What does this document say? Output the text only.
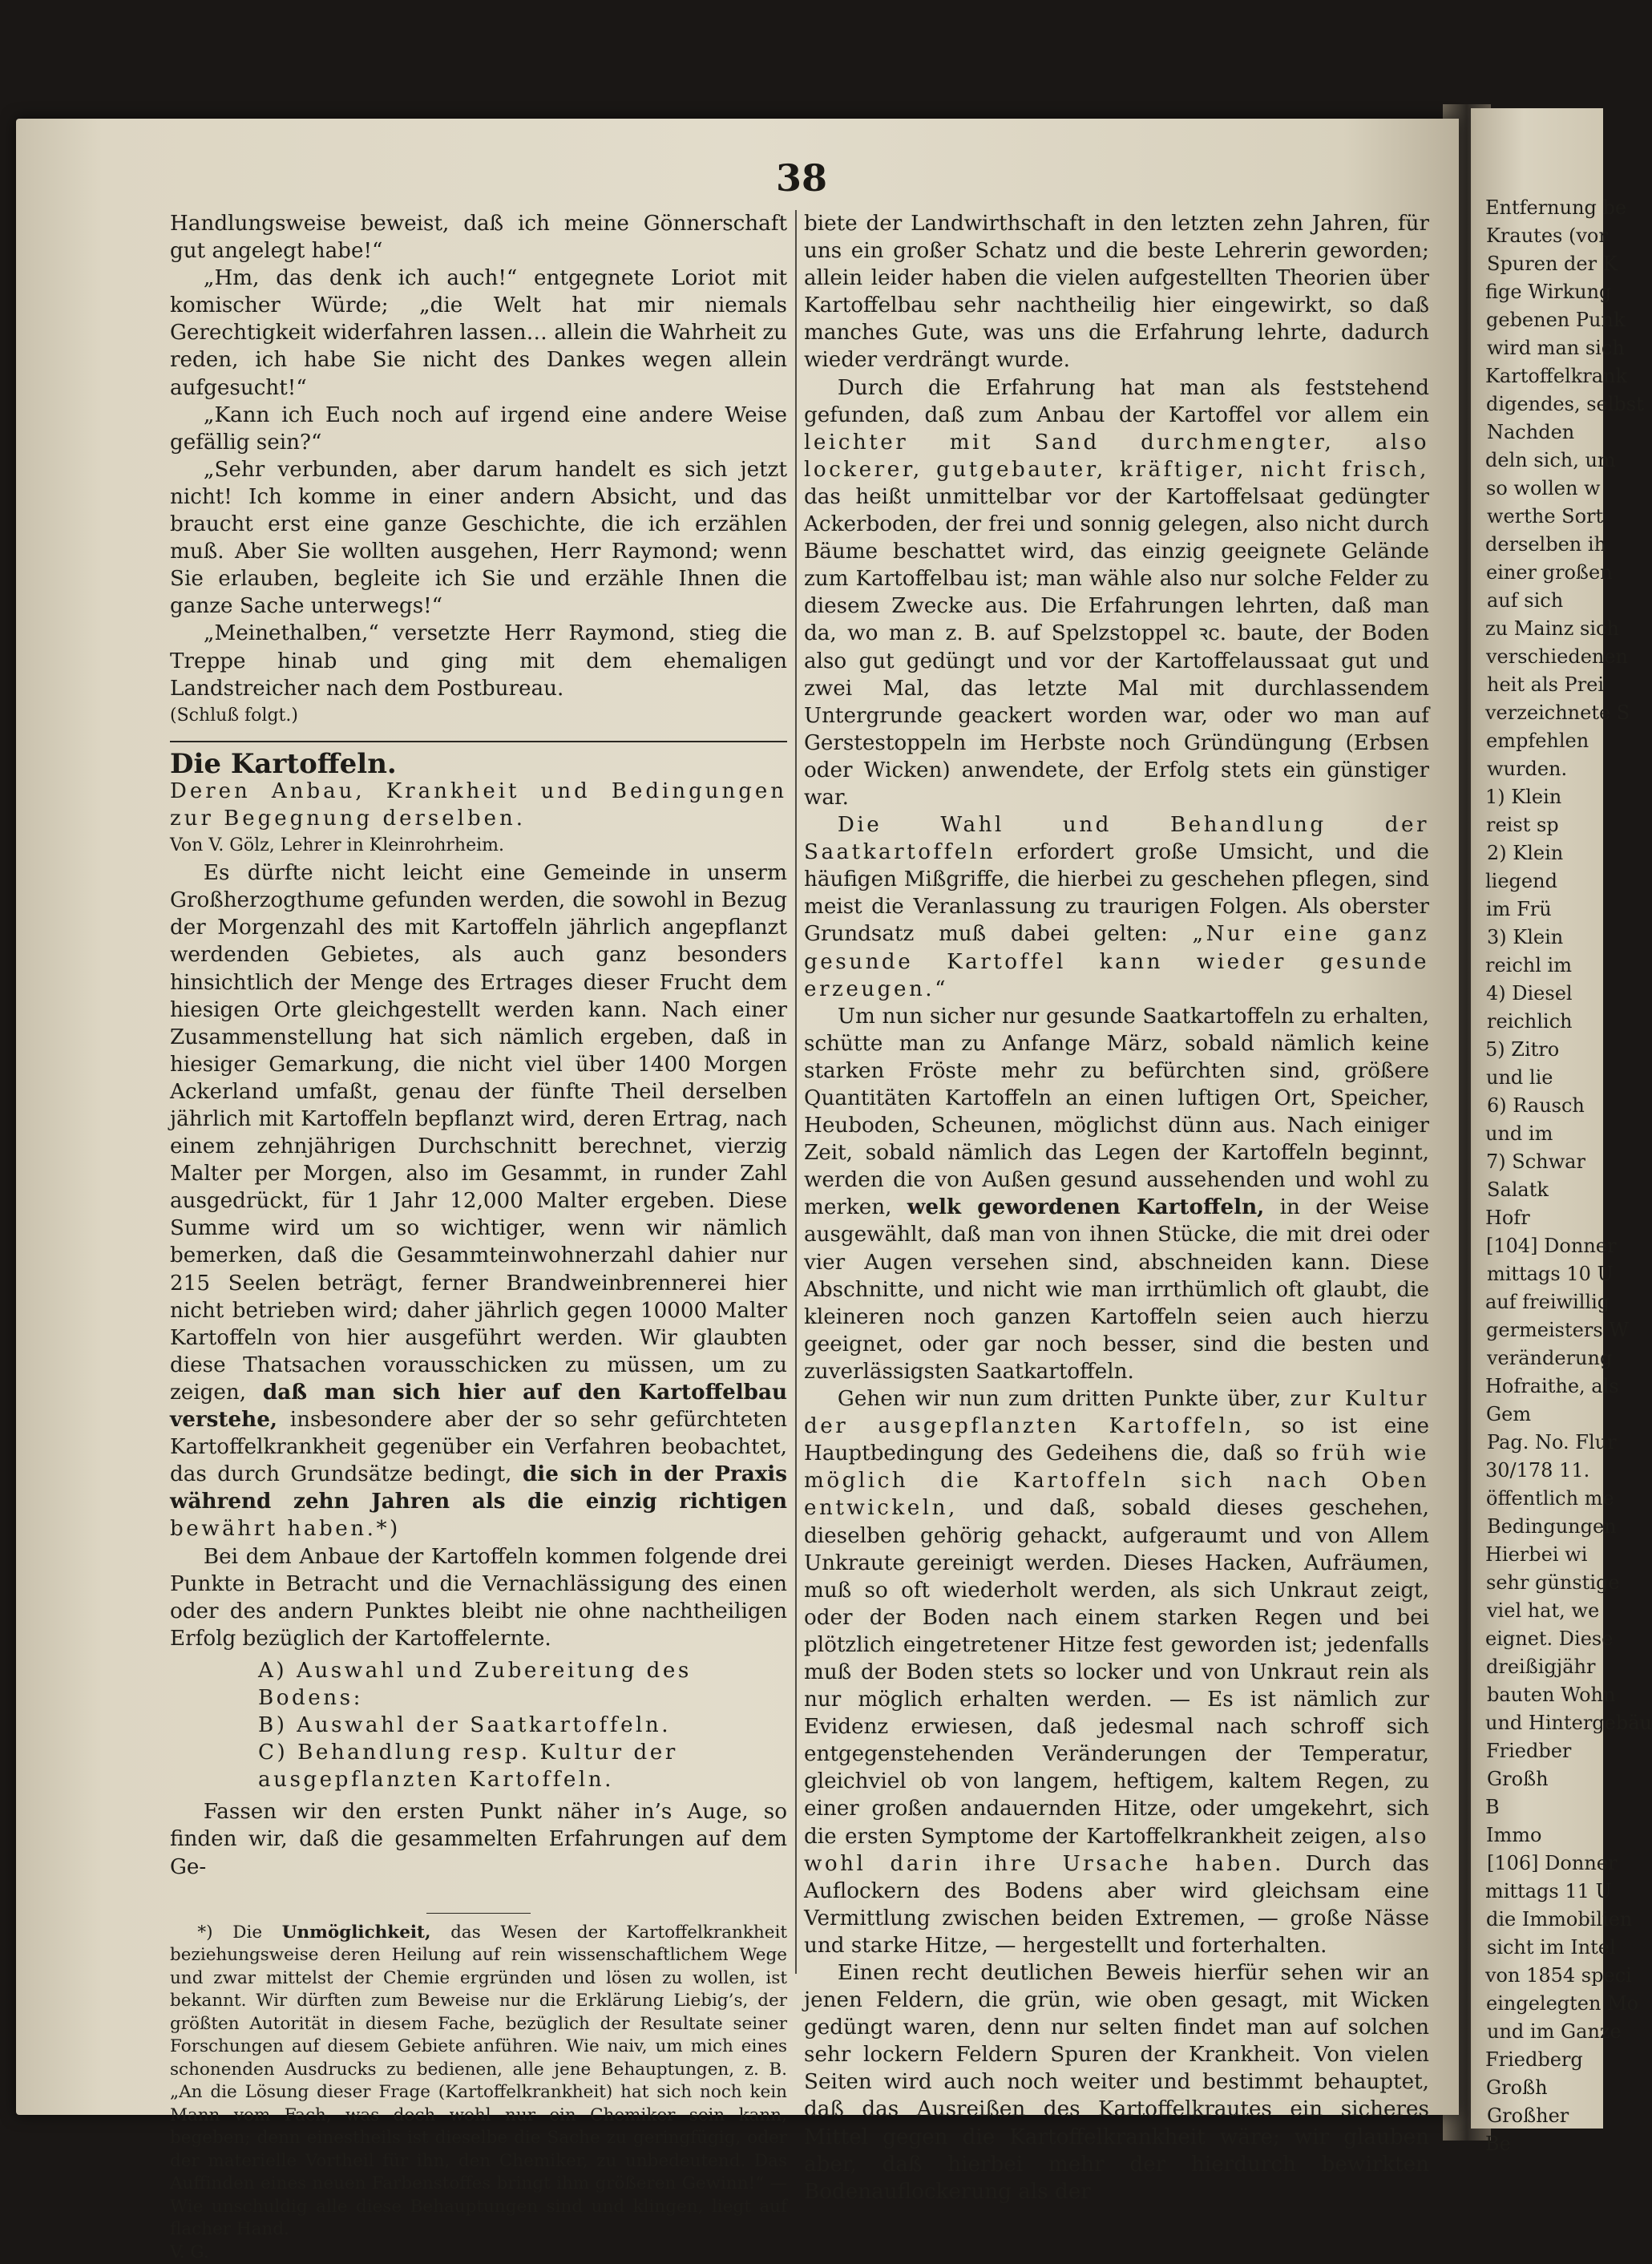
Entfernung be
Krautes (vor
Spuren der K
fige Wirkung
gebenen Punk
wird man sich
Kartoffelkrank
digendes, selbst
Nachden
deln sich, um
so wollen w
werthe Sort
derselben ih
einer großen
auf sich
zu Mainz sich
verschiedenen
heit als Prei
verzeichnete S
empfehlen
wurden.
1) Klein
reist sp
2) Klein
liegend
im Frü
3) Klein
reichl im
4) Diesel
reichlich
5) Zitro
und lie
6) Rausch
und im
7) Schwar
Salatk
Hofr
[104] Donner
mittags 10 U
auf freiwillig
germeisters W
veränderung
Hofraithe, als
Gem
Pag. No. Flur
30/178 11.
öffentlich me
Bedingungen
Hierbei wi
sehr günstige
viel hat, we
eignet. Diese
dreißigjähr
bauten Wohn
und Hintergebäu
Friedber
Großh
B
Immo
[106] Donner
mittags 11 U
die Immobilien
sicht im Intel
von 1854 speci
eingelegten Mo
und im Ganze
Friedberg
Großh
Großher
Be
38

Handlungsweise beweist, daß ich meine Gönnerschaft gut angelegt habe!“

„Hm, das denk ich auch!“ entgegnete Loriot mit komischer Würde; „die Welt hat mir niemals Gerechtigkeit widerfahren lassen… allein die Wahrheit zu reden, ich habe Sie nicht des Dankes wegen allein aufgesucht!“

„Kann ich Euch noch auf irgend eine andere Weise gefällig sein?“

„Sehr verbunden, aber darum handelt es sich jetzt nicht! Ich komme in einer andern Absicht, und das braucht erst eine ganze Geschichte, die ich erzählen muß. Aber Sie wollten ausgehen, Herr Raymond; wenn Sie erlauben, begleite ich Sie und erzähle Ihnen die ganze Sache unterwegs!“

„Meinethalben,“ versetzte Herr Raymond, stieg die Treppe hinab und ging mit dem ehemaligen Landstreicher nach dem Postbureau.

(Schluß folgt.)

Die Kartoffeln.

Deren Anbau, Krankheit und Bedingungen zur Begegnung derselben.

Von V. Gölz, Lehrer in Kleinrohrheim.

Es dürfte nicht leicht eine Gemeinde in unserm Großherzogthume gefunden werden, die sowohl in Bezug der Morgenzahl des mit Kartoffeln jährlich angepflanzt werdenden Gebietes, als auch ganz besonders hinsichtlich der Menge des Ertrages dieser Frucht dem hiesigen Orte gleichgestellt werden kann. Nach einer Zusammenstellung hat sich nämlich ergeben, daß in hiesiger Gemarkung, die nicht viel über 1400 Morgen Ackerland umfaßt, genau der fünfte Theil derselben jährlich mit Kartoffeln bepflanzt wird, deren Ertrag, nach einem zehnjährigen Durchschnitt berechnet, vierzig Malter per Morgen, also im Gesammt, in runder Zahl ausgedrückt, für 1 Jahr 12,000 Malter ergeben. Diese Summe wird um so wichtiger, wenn wir nämlich bemerken, daß die Gesammteinwohnerzahl dahier nur 215 Seelen beträgt, ferner Brandweinbrennerei hier nicht betrieben wird; daher jährlich gegen 10000 Malter Kartoffeln von hier ausgeführt werden. Wir glaubten diese Thatsachen vorausschicken zu müssen, um zu zeigen, daß man sich hier auf den Kartoffelbau verstehe, insbesondere aber der so sehr gefürchteten Kartoffelkrankheit gegenüber ein Verfahren beobachtet, das durch Grundsätze bedingt, die sich in der Praxis während zehn Jahren als die einzig richtigen bewährt haben.*)

Bei dem Anbaue der Kartoffeln kommen folgende drei Punkte in Betracht und die Vernachlässigung des einen oder des andern Punktes bleibt nie ohne nachtheiligen Erfolg bezüglich der Kartoffelernte.

A) Auswahl und Zubereitung des Bodens:
B) Auswahl der Saatkartoffeln.
C) Behandlung resp. Kultur der ausgepflanzten Kartoffeln.

Fassen wir den ersten Punkt näher in’s Auge, so finden wir, daß die gesammelten Erfahrungen auf dem Ge-

*) Die Unmöglichkeit, das Wesen der Kartoffelkrankheit beziehungsweise deren Heilung auf rein wissenschaftlichem Wege und zwar mittelst der Chemie ergründen und lösen zu wollen, ist bekannt. Wir dürften zum Beweise nur die Erklärung Liebig’s, der größten Autorität in diesem Fache, bezüglich der Resultate seiner Forschungen auf diesem Gebiete anführen. Wie naiv, um mich eines schonenden Ausdrucks zu bedienen, alle jene Behauptungen, z. B. „An die Lösung dieser Frage (Kartoffelkrankheit) hat sich noch kein Mann vom Fach, was doch wohl nur ein Chemiker sein kann, begeben; denn einestheils ist dieselbe die Sache zu geringfügig, oder der materielle Vortheil für ihn, den Chemiker, zu unbedeutend. Das Auffinden eines neuen Farbenstoffes bringt ihm größeren Gewinn!“ — Wie unschuldig alle diese Behauptungen sind und klingen, liegt auf flacher Hand.

V. G.

biete der Landwirthschaft in den letzten zehn Jahren, für uns ein großer Schatz und die beste Lehrerin geworden; allein leider haben die vielen aufgestellten Theorien über Kartoffelbau sehr nachtheilig hier eingewirkt, so daß manches Gute, was uns die Erfahrung lehrte, dadurch wieder verdrängt wurde.

Durch die Erfahrung hat man als feststehend gefunden, daß zum Anbau der Kartoffel vor allem ein leichter mit Sand durchmengter, also lockerer, gutgebauter, kräftiger, nicht frisch, das heißt unmittelbar vor der Kartoffelsaat gedüngter Ackerboden, der frei und sonnig gelegen, also nicht durch Bäume beschattet wird, das einzig geeignete Gelände zum Kartoffelbau ist; man wähle also nur solche Felder zu diesem Zwecke aus. Die Erfahrungen lehrten, daß man da, wo man z. B. auf Spelzstoppel ꝛc. baute, der Boden also gut gedüngt und vor der Kartoffelaussaat gut und zwei Mal, das letzte Mal mit durchlassendem Untergrunde geackert worden war, oder wo man auf Gerstestoppeln im Herbste noch Gründüngung (Erbsen oder Wicken) anwendete, der Erfolg stets ein günstiger war.

Die Wahl und Behandlung der Saatkartoffeln erfordert große Umsicht, und die häufigen Mißgriffe, die hierbei zu geschehen pflegen, sind meist die Veranlassung zu traurigen Folgen. Als oberster Grundsatz muß dabei gelten: „Nur eine ganz gesunde Kartoffel kann wieder gesunde erzeugen.“

Um nun sicher nur gesunde Saatkartoffeln zu erhalten, schütte man zu Anfange März, sobald nämlich keine starken Fröste mehr zu befürchten sind, größere Quantitäten Kartoffeln an einen luftigen Ort, Speicher, Heuboden, Scheunen, möglichst dünn aus. Nach einiger Zeit, sobald nämlich das Legen der Kartoffeln beginnt, werden die von Außen gesund aussehenden und wohl zu merken, welk gewordenen Kartoffeln, in der Weise ausgewählt, daß man von ihnen Stücke, die mit drei oder vier Augen versehen sind, abschneiden kann. Diese Abschnitte, und nicht wie man irrthümlich oft glaubt, die kleineren noch ganzen Kartoffeln seien auch hierzu geeignet, oder gar noch besser, sind die besten und zuverlässigsten Saatkartoffeln.

Gehen wir nun zum dritten Punkte über, zur Kultur der ausgepflanzten Kartoffeln, so ist eine Hauptbedingung des Gedeihens die, daß so früh wie möglich die Kartoffeln sich nach Oben entwickeln, und daß, sobald dieses geschehen, dieselben gehörig gehackt, aufgeraumt und von Allem Unkraute gereinigt werden. Dieses Hacken, Aufräumen, muß so oft wiederholt werden, als sich Unkraut zeigt, oder der Boden nach einem starken Regen und bei plötzlich eingetretener Hitze fest geworden ist; jedenfalls muß der Boden stets so locker und von Unkraut rein als nur möglich erhalten werden. — Es ist nämlich zur Evidenz erwiesen, daß jedesmal nach schroff sich entgegenstehenden Veränderungen der Temperatur, gleichviel ob von langem, heftigem, kaltem Regen, zu einer großen andauernden Hitze, oder umgekehrt, sich die ersten Symptome der Kartoffelkrankheit zeigen, also wohl darin ihre Ursache haben. Durch das Auflockern des Bodens aber wird gleichsam eine Vermittlung zwischen beiden Extremen, — große Nässe und starke Hitze, — hergestellt und forterhalten.

Einen recht deutlichen Beweis hierfür sehen wir an jenen Feldern, die grün, wie oben gesagt, mit Wicken gedüngt waren, denn nur selten findet man auf solchen sehr lockern Feldern Spuren der Krankheit. Von vielen Seiten wird auch noch weiter und bestimmt behauptet, daß das Ausreißen des Kartoffelkrautes ein sicheres Mittel gegen die Kartoffelkrankheit wäre; wir glauben aber, daß hierbei mehr der hierdurch bewirkten Bodenauflockerung als der
